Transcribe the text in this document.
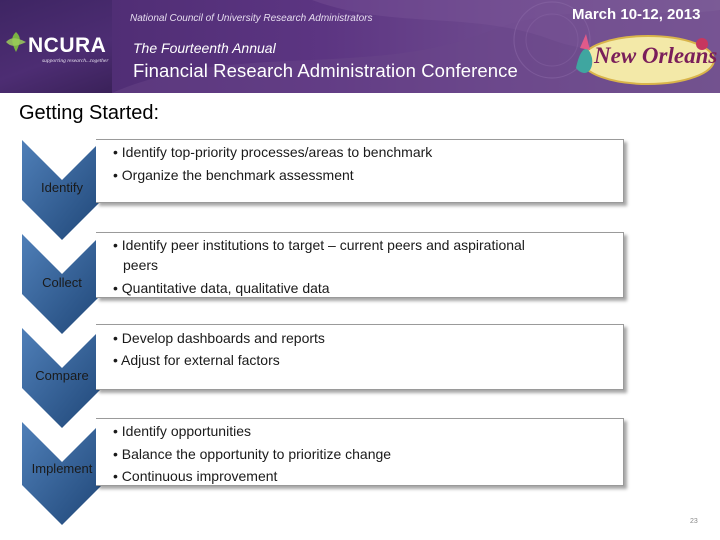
NCURA
supporting research...together
National Council of University Research Administrators
The Fourteenth Annual
Financial Research Administration Conference
March 10-12, 2013
New Orleans
Getting Started:
Identify
• Identify top-priority processes/areas to benchmark
• Organize the benchmark assessment
Collect
• Identify peer institutions to target – current peers and aspirational
peers
• Quantitative data, qualitative data
Compare
• Develop dashboards and reports
• Adjust for external factors
Implement
• Identify opportunities
• Balance the opportunity to prioritize change
• Continuous improvement
23
